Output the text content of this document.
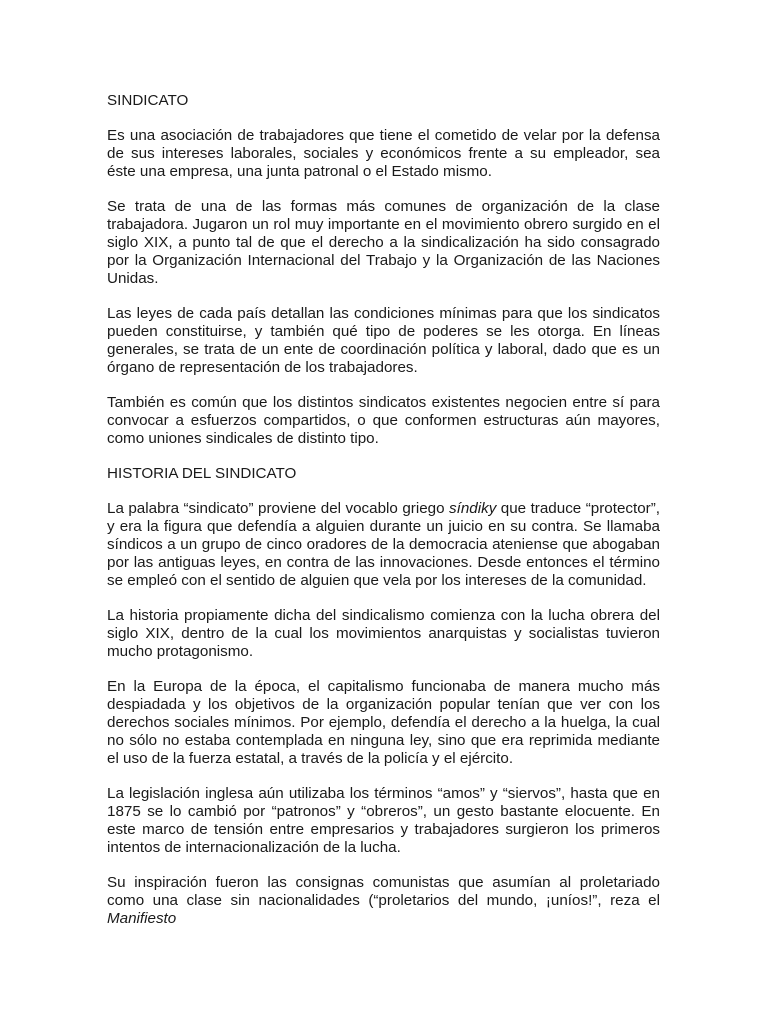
SINDICATO

Es una asociación de trabajadores que tiene el cometido de velar por la defensa de sus intereses laborales, sociales y económicos frente a su empleador, sea éste una empresa, una junta patronal o el Estado mismo.

Se trata de una de las formas más comunes de organización de la clase trabajadora. Jugaron un rol muy importante en el movimiento obrero surgido en el siglo XIX, a punto tal de que el derecho a la sindicalización ha sido consagrado por la Organización Internacional del Trabajo y la Organización de las Naciones Unidas.

Las leyes de cada país detallan las condiciones mínimas para que los sindicatos pueden constituirse, y también qué tipo de poderes se les otorga. En líneas generales, se trata de un ente de coordinación política y laboral, dado que es un órgano de representación de los trabajadores.

También es común que los distintos sindicatos existentes negocien entre sí para convocar a esfuerzos compartidos, o que conformen estructuras aún mayores, como uniones sindicales de distinto tipo.

HISTORIA DEL SINDICATO

La palabra “sindicato” proviene del vocablo griego síndiky que traduce “protector”, y era la figura que defendía a alguien durante un juicio en su contra. Se llamaba síndicos a un grupo de cinco oradores de la democracia ateniense que abogaban por las antiguas leyes, en contra de las innovaciones. Desde entonces el término se empleó con el sentido de alguien que vela por los intereses de la comunidad.

La historia propiamente dicha del sindicalismo comienza con la lucha obrera del siglo XIX, dentro de la cual los movimientos anarquistas y socialistas tuvieron mucho protagonismo.

En la Europa de la época, el capitalismo funcionaba de manera mucho más despiadada y los objetivos de la organización popular tenían que ver con los derechos sociales mínimos. Por ejemplo, defendía el derecho a la huelga, la cual no sólo no estaba contemplada en ninguna ley, sino que era reprimida mediante el uso de la fuerza estatal, a través de la policía y el ejército.

La legislación inglesa aún utilizaba los términos “amos” y “siervos”, hasta que en 1875 se lo cambió por “patronos” y “obreros”, un gesto bastante elocuente. En este marco de tensión entre empresarios y trabajadores surgieron los primeros intentos de internacionalización de la lucha.

Su inspiración fueron las consignas comunistas que asumían al proletariado como una clase sin nacionalidades (“proletarios del mundo, ¡uníos!”, reza el Manifiesto
